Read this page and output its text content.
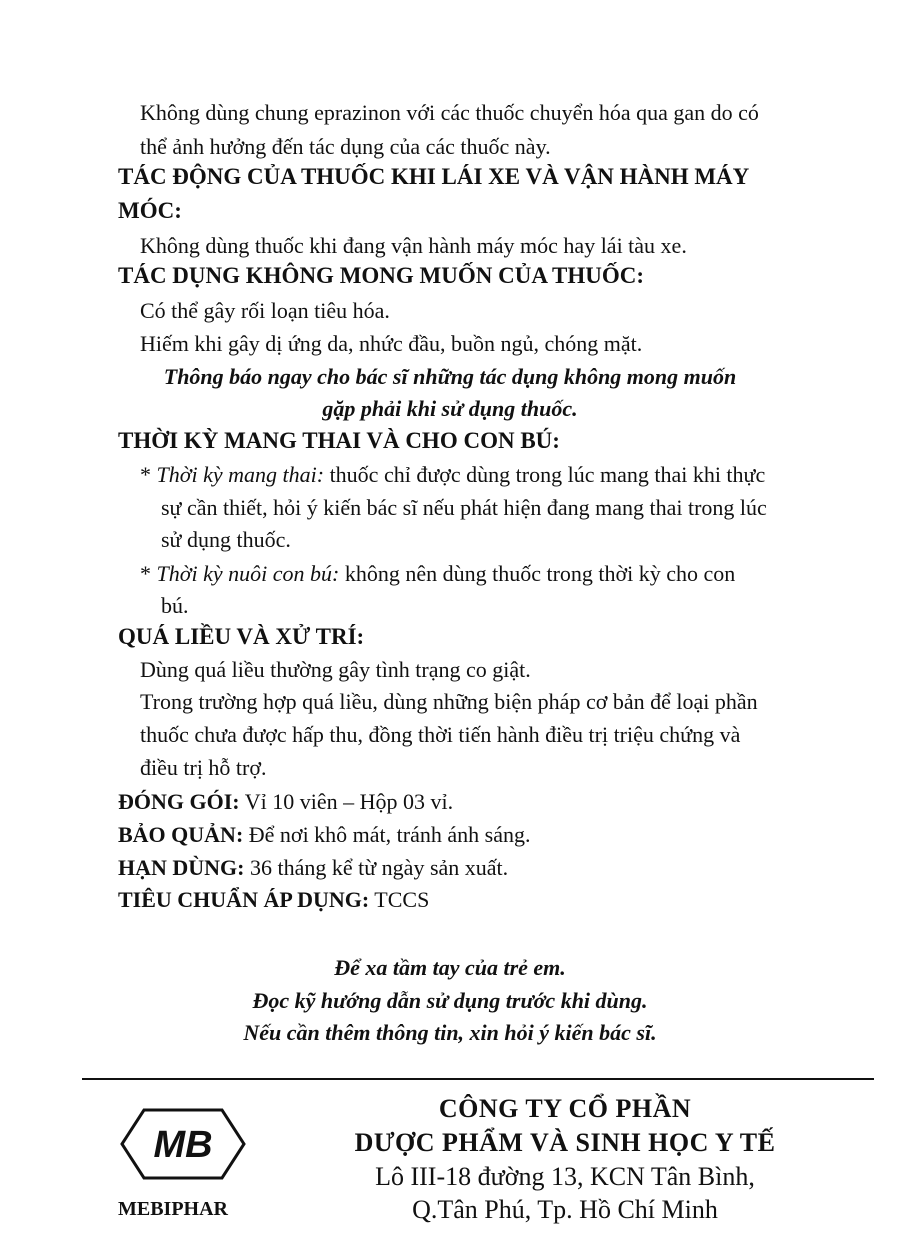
Không dùng chung eprazinon với các thuốc chuyển hóa qua gan do có
thể ảnh hưởng đến tác dụng của các thuốc này.
TÁC ĐỘNG CỦA THUỐC KHI LÁI XE VÀ VẬN HÀNH MÁY
MÓC:
Không dùng thuốc khi đang vận hành máy móc hay lái tàu xe.
TÁC DỤNG KHÔNG MONG MUỐN CỦA THUỐC:
Có thể gây rối loạn tiêu hóa.
Hiếm khi gây dị ứng da, nhức đầu, buồn ngủ, chóng mặt.
Thông báo ngay cho bác sĩ những tác dụng không mong muốn
gặp phải khi sử dụng thuốc.
THỜI KỲ MANG THAI VÀ CHO CON BÚ:
* Thời kỳ mang thai: thuốc chỉ được dùng trong lúc mang thai khi thực
sự cần thiết, hỏi ý kiến bác sĩ nếu phát hiện đang mang thai trong lúc
sử dụng thuốc.
* Thời kỳ nuôi con bú: không nên dùng thuốc trong thời kỳ cho con
bú.
QUÁ LIỀU VÀ XỬ TRÍ:
Dùng quá liều thường gây tình trạng co giật.
Trong trường hợp quá liều, dùng những biện pháp cơ bản để loại phần
thuốc chưa được hấp thu, đồng thời tiến hành điều trị triệu chứng và
điều trị hỗ trợ.
ĐÓNG GÓI: Vỉ 10 viên – Hộp 03 vỉ.
BẢO QUẢN: Để nơi khô mát, tránh ánh sáng.
HẠN DÙNG: 36 tháng kể từ ngày sản xuất.
TIÊU CHUẨN ÁP DỤNG: TCCS
Để xa tầm tay của trẻ em.
Đọc kỹ hướng dẫn sử dụng trước khi dùng.
Nếu cần thêm thông tin, xin hỏi ý kiến bác sĩ.
MB
MEBIPHAR
CÔNG TY CỔ PHẦN
DƯỢC PHẨM VÀ SINH HỌC Y TẾ
Lô III-18 đường 13, KCN Tân Bình,
Q.Tân Phú, Tp. Hồ Chí Minh
